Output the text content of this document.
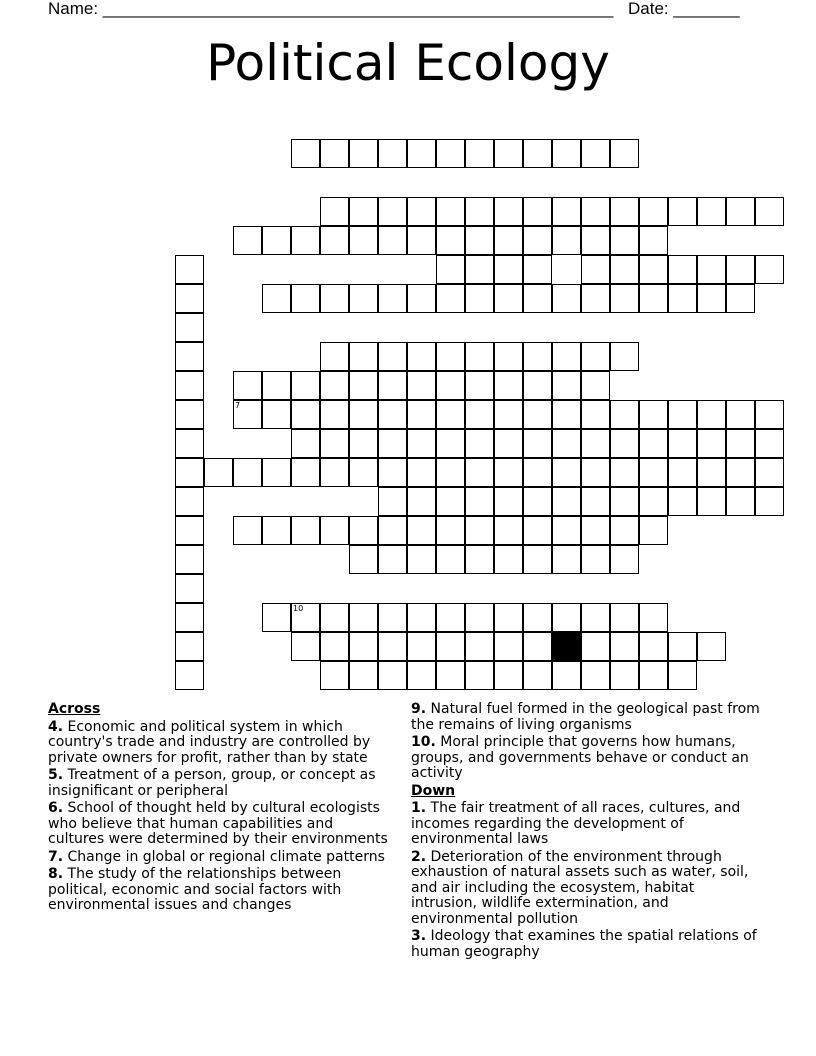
Name: ______________________________________________________ Date: _______
Political Ecology
7
10
Across
4. Economic and political system in which country's trade and industry are controlled by private owners for profit, rather than by state
5. Treatment of a person, group, or concept as insignificant or peripheral
6. School of thought held by cultural ecologists who believe that human capabilities and cultures were determined by their environments
7. Change in global or regional climate patterns
8. The study of the relationships between political, economic and social factors with environmental issues and changes
9. Natural fuel formed in the geological past from the remains of living organisms
10. Moral principle that governs how humans, groups, and governments behave or conduct an activity
Down
1. The fair treatment of all races, cultures, and incomes regarding the development of environmental laws
2. Deterioration of the environment through exhaustion of natural assets such as water, soil, and air including the ecosystem, habitat intrusion, wildlife extermination, and environmental pollution
3. Ideology that examines the spatial relations of human geography
